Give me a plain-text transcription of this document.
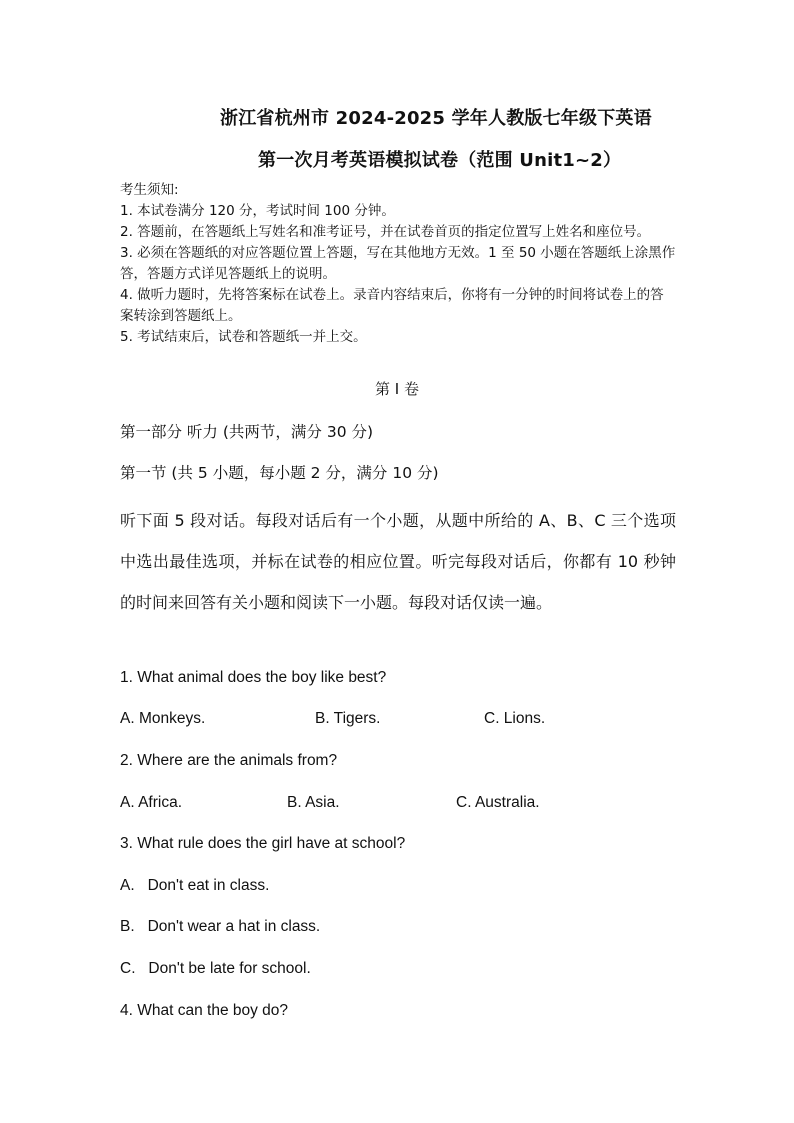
浙江省杭州市 2024-2025 学年人教版七年级下英语
第一次月考英语模拟试卷（范围 Unit1~2）

考生须知:

1. 本试卷满分 120 分，考试时间 100 分钟。

2. 答题前，在答题纸上写姓名和准考证号，并在试卷首页的指定位置写上姓名和座位号。

3. 必须在答题纸的对应答题位置上答题，写在其他地方无效。1 至 50 小题在答题纸上涂黑作答，答题方式详见答题纸上的说明。

4. 做听力题时，先将答案标在试卷上。录音内容结束后，你将有一分钟的时间将试卷上的答案转涂到答题纸上。

5. 考试结束后，试卷和答题纸一并上交。

第 I 卷
第一部分 听力 (共两节，满分 30 分)
第一节 (共 5 小题，每小题 2 分，满分 10 分)

听下面 5 段对话。每段对话后有一个小题，从题中所给的 A、B、C 三个选项中选出最佳选项，并标在试卷的相应位置。听完每段对话后，你都有 10 秒钟的时间来回答有关小题和阅读下一小题。每段对话仅读一遍。

1. What animal does the boy like best?
A. Monkeys.	B. Tigers.	C. Lions.
2. Where are the animals from?
A. Africa.	B. Asia.	C. Australia.
3. What rule does the girl have at school?
A.   Don't eat in class.
B.   Don't wear a hat in class.
C.   Don't be late for school.
4. What can the boy do?
